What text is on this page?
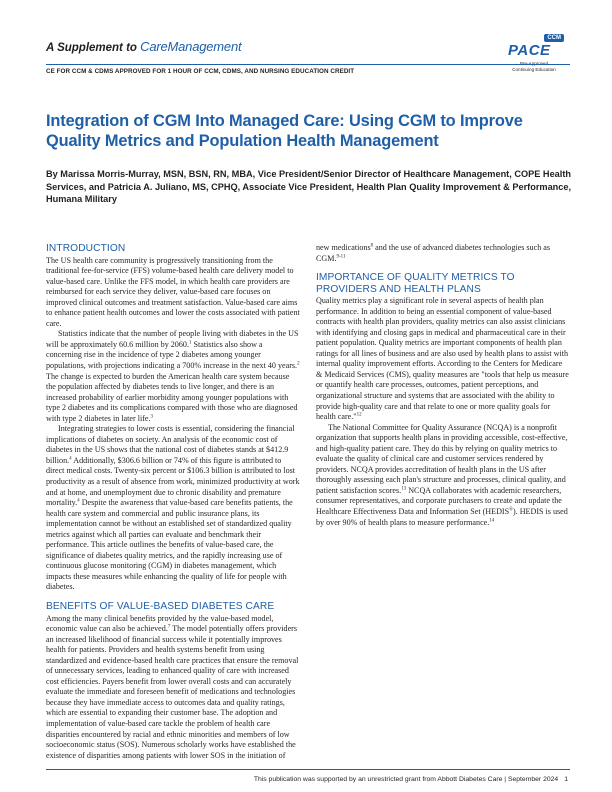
A Supplement to CareManagement
CCM
PACE
Continuing Education
CE FOR CCM & CDMS APPROVED FOR 1 HOUR OF CCM, CDMS, AND NURSING EDUCATION CREDIT
Integration of CGM Into Managed Care: Using CGM to Improve Quality Metrics and Population Health Management
By Marissa Morris-Murray, MSN, BSN, RN, MBA, Vice President/Senior Director of Healthcare Management, COPE Health Services, and Patricia A. Juliano, MS, CPHQ, Associate Vice President, Health Plan Quality Improvement & Performance, Humana Military
INTRODUCTION

The US health care community is progressively transitioning from the traditional fee-for-service (FFS) volume-based health care delivery model to value-based care. Unlike the FFS model, in which health care providers are reimbursed for each service they deliver, value-based care focuses on improved clinical outcomes and treatment satisfaction. Value-based care aims to enhance patient health outcomes and lower the costs associated with patient care.

Statistics indicate that the number of people living with diabetes in the US will be approximately 60.6 million by 2060.$^1$ Statistics also show a concerning rise in the incidence of type 2 diabetes among younger populations, with projections indicating a 700% increase in the next 40 years.$^2$ The change is expected to burden the American health care system because the population affected by diabetes tends to live longer, and there is an increased probability of earlier morbidity among younger populations with type 2 diabetes and its complications compared with those who are diagnosed with type 2 diabetes in later life.$^3$

Integrating strategies to lower costs is essential, considering the financial implications of diabetes on society. An analysis of the economic cost of diabetes in the US shows that the national cost of diabetes stands at $412.9 billion.$^4$ Additionally, $306.6 billion or 74% of this figure is attributed to direct medical costs. Twenty-six percent or $106.3 billion is attributed to lost productivity as a result of absence from work, minimized productivity at work and at home, and unemployment due to chronic disability and premature mortality.$^4$ Despite the awareness that value-based care benefits patients, the health care system and commercial and public insurance plans, its implementation cannot be without an established set of standardized quality metrics against which all parties can evaluate and benchmark their performance. This article outlines the benefits of value-based care, the significance of diabetes quality metrics, and the rapidly increasing use of continuous glucose monitoring (CGM) in diabetes management, which impacts these measures while enhancing the quality of life for people with diabetes.

BENEFITS OF VALUE-BASED DIABETES CARE

Among the many clinical benefits provided by the value-based model, economic value can also be achieved.$^7$ The model potentially offers providers an increased likelihood of financial success while it potentially improves health for patients. Providers and health systems benefit from using standardized and evidence-based health care practices that ensure the removal of unnecessary services, leading to enhanced quality of care with increased cost efficiencies. Payers benefit from lower overall costs and can accurately evaluate the immediate and foreseen benefit of medications and technologies because they have immediate access to outcomes data and quality ratings, which are essential to expanding their customer base. The adoption and implementation of value-based care tackle the problem of health care disparities encountered by racial and ethnic minorities and members of low socioeconomic status (SOS). Numerous scholarly works have established the existence of disparities among patients with lower SOS in the initiation of

new medications$^8$ and the use of advanced diabetes technologies such as CGM.$^{9-11}$

IMPORTANCE OF QUALITY METRICS TO
PROVIDERS AND HEALTH PLANS

Quality metrics play a significant role in several aspects of health plan performance. In addition to being an essential component of value-based contracts with health plan providers, quality metrics can also assist clinicians with identifying and closing gaps in medical and pharmaceutical care in their patient population. Quality metrics are important components of health plan ratings for all lines of business and are also used by health plans to assist with internal quality improvement efforts. According to the Centers for Medicare & Medicaid Services (CMS), quality measures are "tools that help us measure or quantify health care processes, outcomes, patient perceptions, and organizational structure and systems that are associated with the ability to provide high-quality care and that relate to one or more quality goals for health care."$^{12}$

The National Committee for Quality Assurance (NCQA) is a nonprofit organization that supports health plans in providing accessible, cost-effective, and high-quality patient care. They do this by relying on quality metrics to evaluate the quality of clinical care and customer services rendered by providers. NCQA provides accreditation of health plans in the US after thoroughly assessing each plan's structure and processes, clinical quality, and patient satisfaction scores.$^{13}$ NCQA collaborates with academic researchers, consumer representatives, and corporate purchasers to create and update the Healthcare Effectiveness Data and Information Set (HEDIS®). HEDIS is used by over 90% of health plans to measure performance.$^{14}$

This publication was supported by an unrestricted grant from Abbott Diabetes Care | September 2024 1
